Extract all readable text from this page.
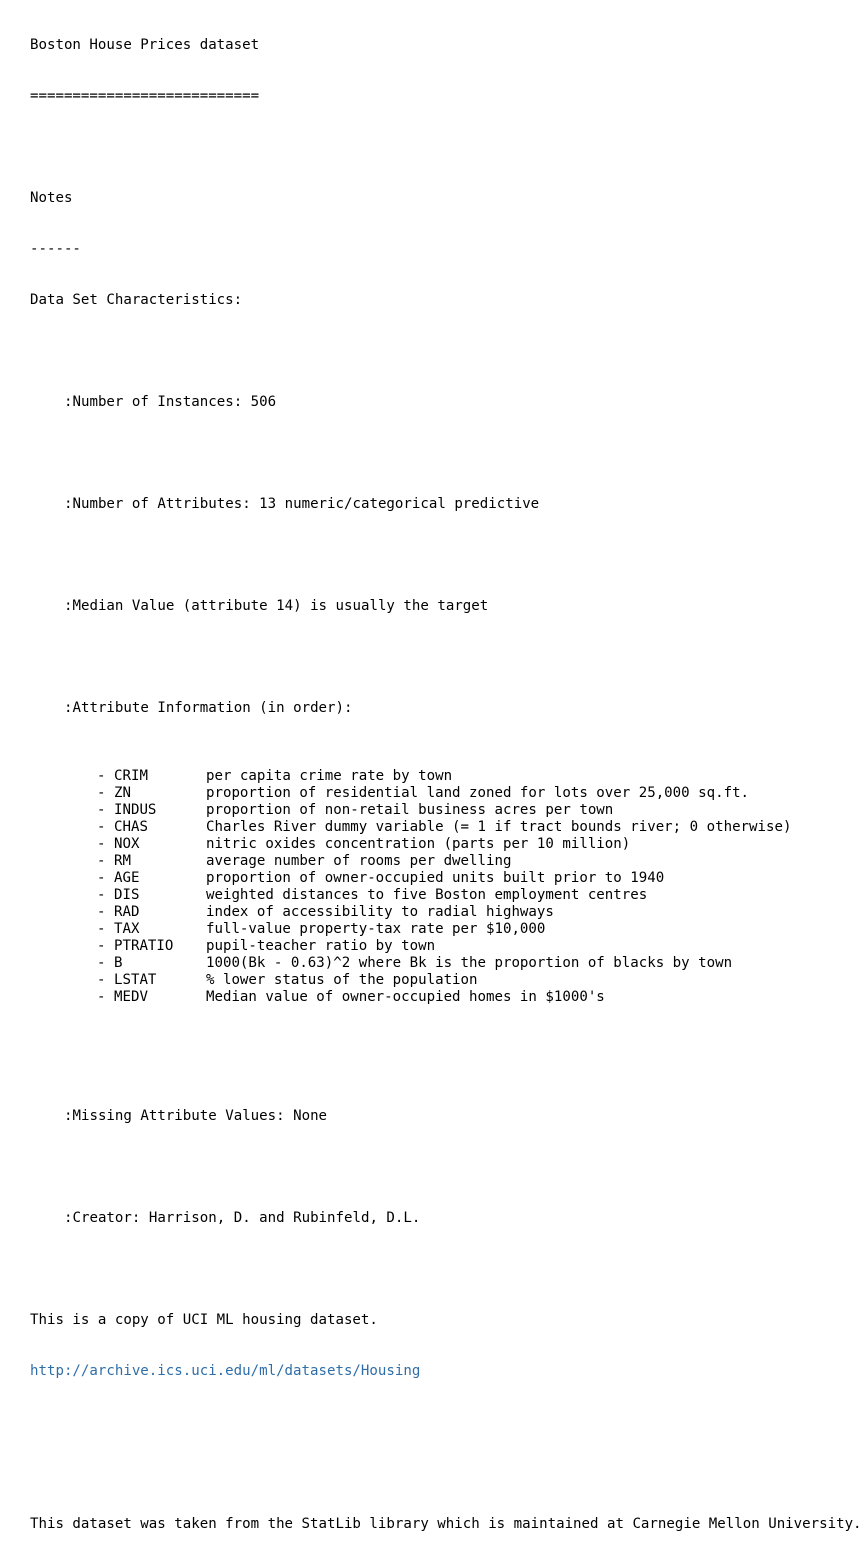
Boston House Prices dataset

===========================

Notes

------

Data Set Characteristics:

:Number of Instances: 506

:Number of Attributes: 13 numeric/categorical predictive

:Median Value (attribute 14) is usually the target

:Attribute Information (in order):

- CRIM	per capita crime rate by town
- ZN	proportion of residential land zoned for lots over 25,000 sq.ft.
- INDUS	proportion of non-retail business acres per town
- CHAS	Charles River dummy variable (= 1 if tract bounds river; 0 otherwise)
- NOX	nitric oxides concentration (parts per 10 million)
- RM	average number of rooms per dwelling
- AGE	proportion of owner-occupied units built prior to 1940
- DIS	weighted distances to five Boston employment centres
- RAD	index of accessibility to radial highways
- TAX	full-value property-tax rate per $10,000
- PTRATIO pupil-teacher ratio by town
- B	1000(Bk - 0.63)^2 where Bk is the proportion of blacks by town
- LSTAT	% lower status of the population
- MEDV	Median value of owner-occupied homes in $1000's

:Missing Attribute Values: None

:Creator: Harrison, D. and Rubinfeld, D.L.

This is a copy of UCI ML housing dataset.

http://archive.ics.uci.edu/ml/datasets/Housing

This dataset was taken from the StatLib library which is maintained at Carnegie Mellon University.
